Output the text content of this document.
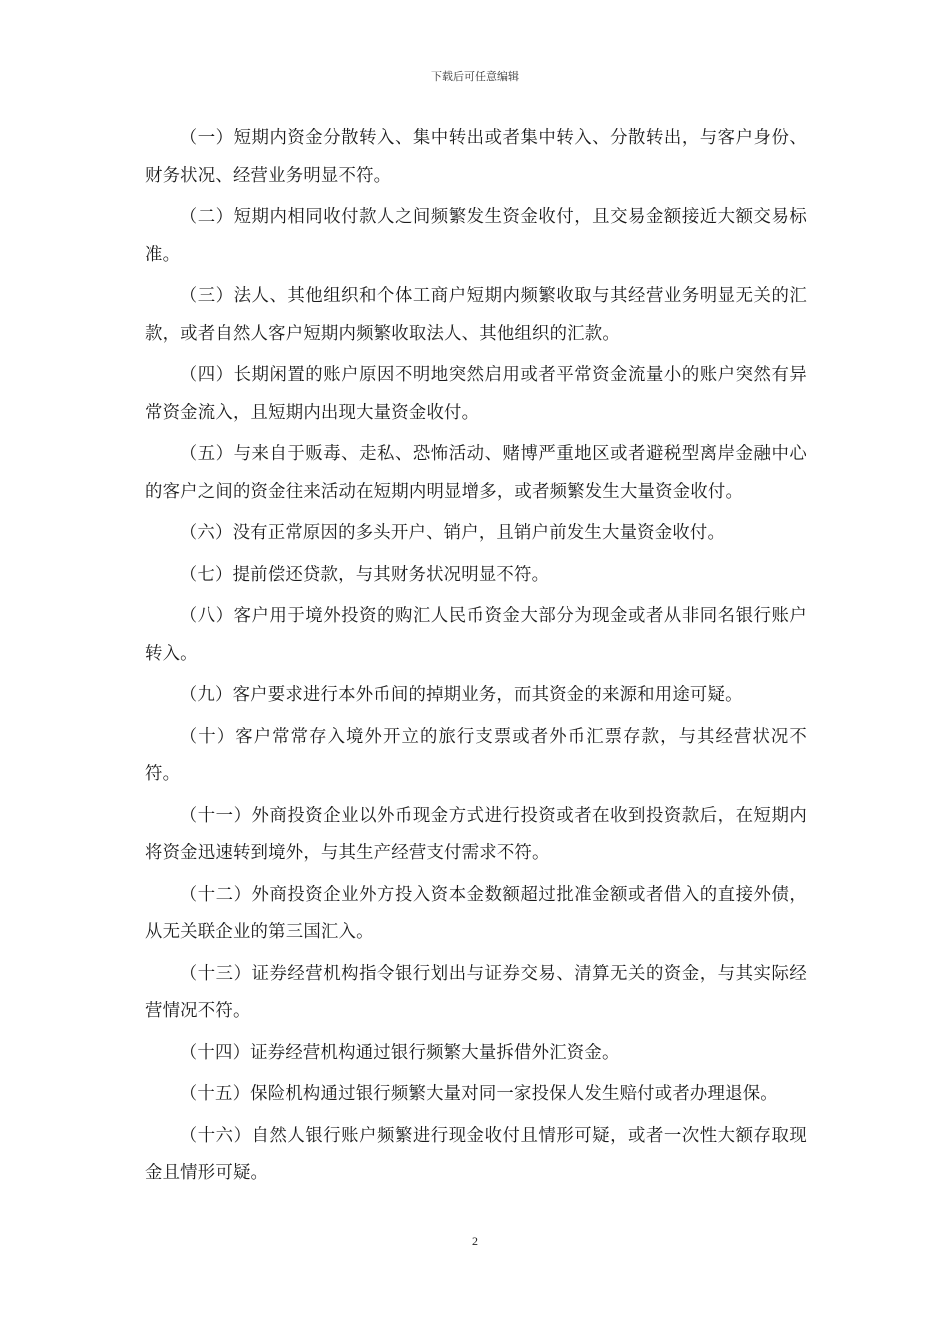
下载后可任意编辑

（一）短期内资金分散转入、集中转出或者集中转入、分散转出，与客户身份、财务状况、经营业务明显不符。

（二）短期内相同收付款人之间频繁发生资金收付，且交易金额接近大额交易标准。

（三）法人、其他组织和个体工商户短期内频繁收取与其经营业务明显无关的汇款，或者自然人客户短期内频繁收取法人、其他组织的汇款。

（四）长期闲置的账户原因不明地突然启用或者平常资金流量小的账户突然有异常资金流入，且短期内出现大量资金收付。

（五）与来自于贩毒、走私、恐怖活动、赌博严重地区或者避税型离岸金融中心的客户之间的资金往来活动在短期内明显增多，或者频繁发生大量资金收付。

（六）没有正常原因的多头开户、销户，且销户前发生大量资金收付。

（七）提前偿还贷款，与其财务状况明显不符。

（八）客户用于境外投资的购汇人民币资金大部分为现金或者从非同名银行账户转入。

（九）客户要求进行本外币间的掉期业务，而其资金的来源和用途可疑。

（十）客户常常存入境外开立的旅行支票或者外币汇票存款，与其经营状况不符。

（十一）外商投资企业以外币现金方式进行投资或者在收到投资款后，在短期内将资金迅速转到境外，与其生产经营支付需求不符。

（十二）外商投资企业外方投入资本金数额超过批准金额或者借入的直接外债，从无关联企业的第三国汇入。

（十三）证券经营机构指令银行划出与证券交易、清算无关的资金，与其实际经营情况不符。

（十四）证券经营机构通过银行频繁大量拆借外汇资金。

（十五）保险机构通过银行频繁大量对同一家投保人发生赔付或者办理退保。

（十六）自然人银行账户频繁进行现金收付且情形可疑，或者一次性大额存取现金且情形可疑。

2
